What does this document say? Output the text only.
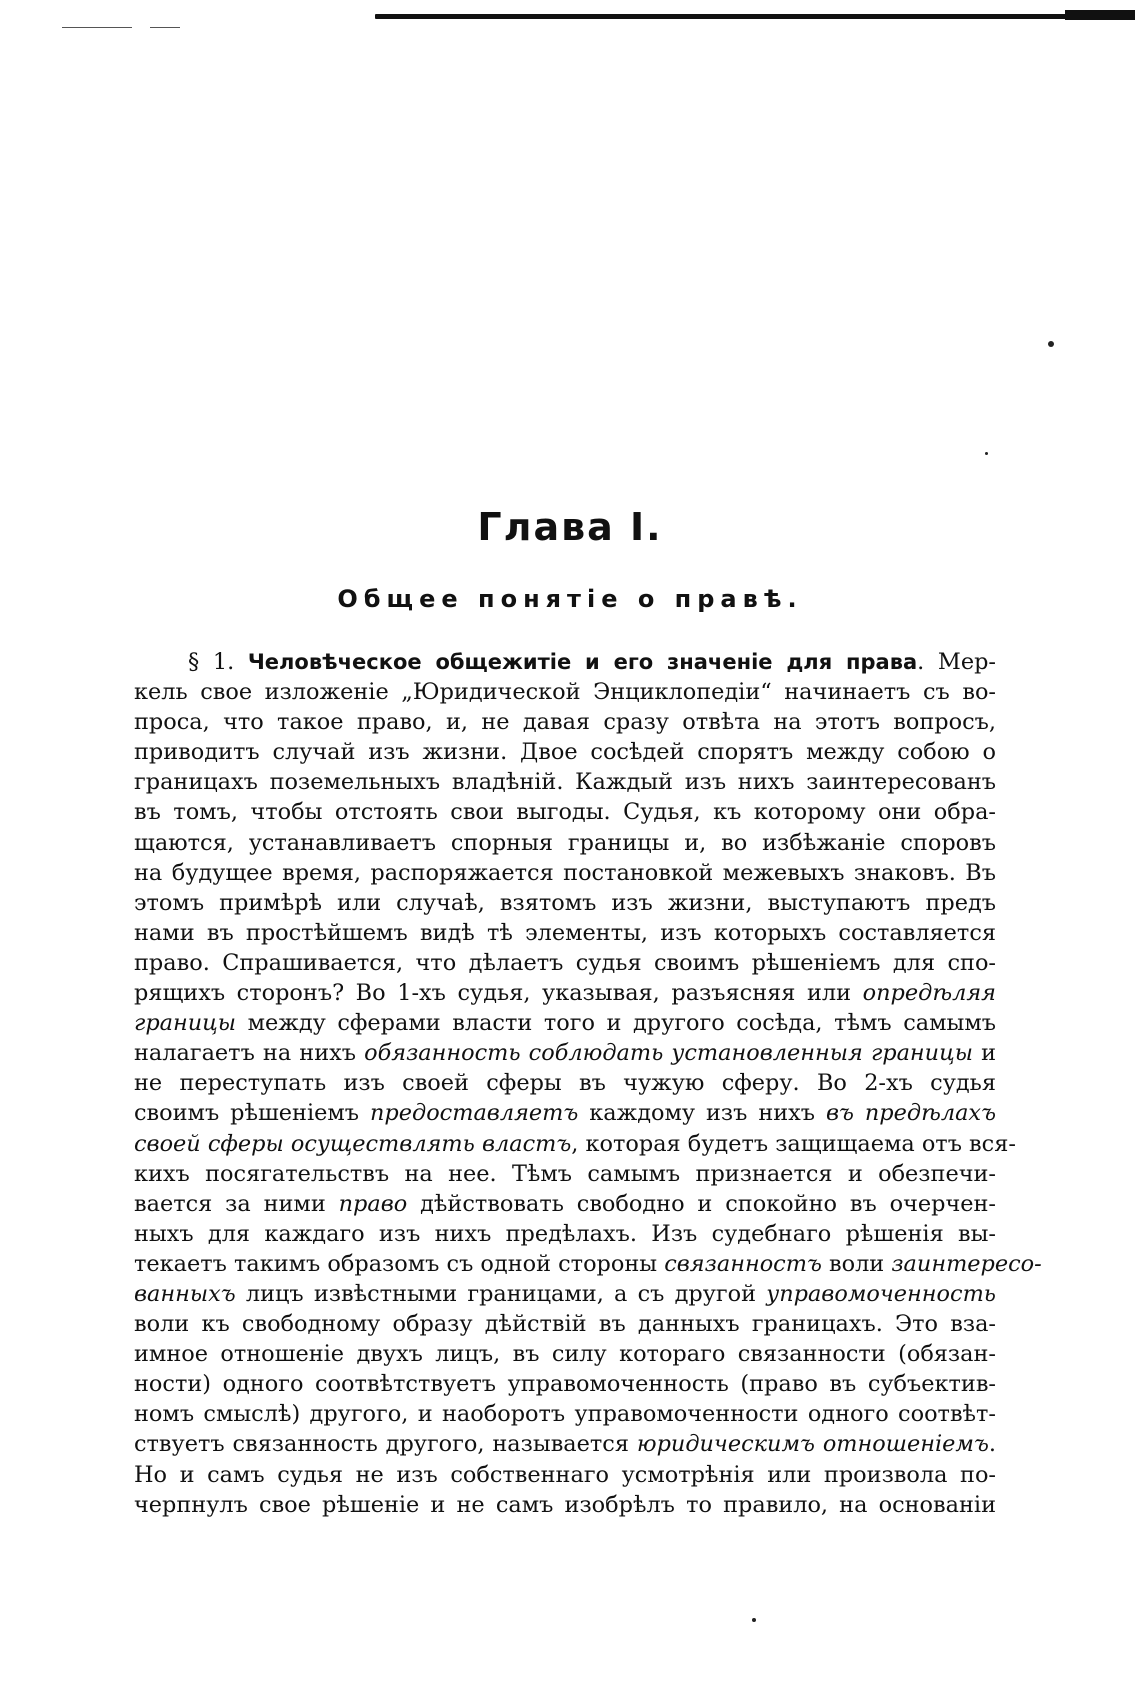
Глава I.
Общее понятіе о правѣ.
§ 1. Человѣческое общежитіе и его значеніе для права. Мер-
кель свое изложеніе „Юридической Энциклопедіи“ начинаетъ съ во-
проса, что такое право, и, не давая сразу отвѣта на этотъ вопросъ,
приводитъ случай изъ жизни. Двое сосѣдей спорятъ между собою о
границахъ поземельныхъ владѣній. Каждый изъ нихъ заинтересованъ
въ томъ, чтобы отстоять свои выгоды. Судья, къ которому они обра-
щаются, устанавливаетъ спорныя границы и, во избѣжаніе споровъ
на будущее время, распоряжается постановкой межевыхъ знаковъ. Въ
этомъ примѣрѣ или случаѣ, взятомъ изъ жизни, выступаютъ предъ
нами въ простѣйшемъ видѣ тѣ элементы, изъ которыхъ составляется
право. Спрашивается, что дѣлаетъ судья своимъ рѣшеніемъ для спо-
рящихъ сторонъ? Во 1-хъ судья, указывая, разъясняя или опредѣляя
границы между сферами власти того и другого сосѣда, тѣмъ самымъ
налагаетъ на нихъ обязанность соблюдать установленныя границы и
не переступать изъ своей сферы въ чужую сферу. Во 2-хъ судья
своимъ рѣшеніемъ предоставляетъ каждому изъ нихъ въ предѣлахъ
своей сферы осуществлять властъ, которая будетъ защищаема отъ вся-
кихъ посягательствъ на нее. Тѣмъ самымъ признается и обезпечи-
вается за ними право дѣйствовать свободно и спокойно въ очерчен-
ныхъ для каждаго изъ нихъ предѣлахъ. Изъ судебнаго рѣшенія вы-
текаетъ такимъ образомъ съ одной стороны связанностъ воли заинтересо-
ванныхъ лицъ извѣстными границами, а съ другой управомоченность
воли къ свободному образу дѣйствій въ данныхъ границахъ. Это вза-
имное отношеніе двухъ лицъ, въ силу котораго связанности (обязан-
ности) одного соотвѣтствуетъ управомоченность (право въ субъектив-
номъ смыслѣ) другого, и наоборотъ управомоченности одного соотвѣт-
ствуетъ связанность другого, называется юридическимъ отношеніемъ.
Но и самъ судья не изъ собственнаго усмотрѣнія или произвола по-
черпнулъ свое рѣшеніе и не самъ изобрѣлъ то правило, на основаніи
